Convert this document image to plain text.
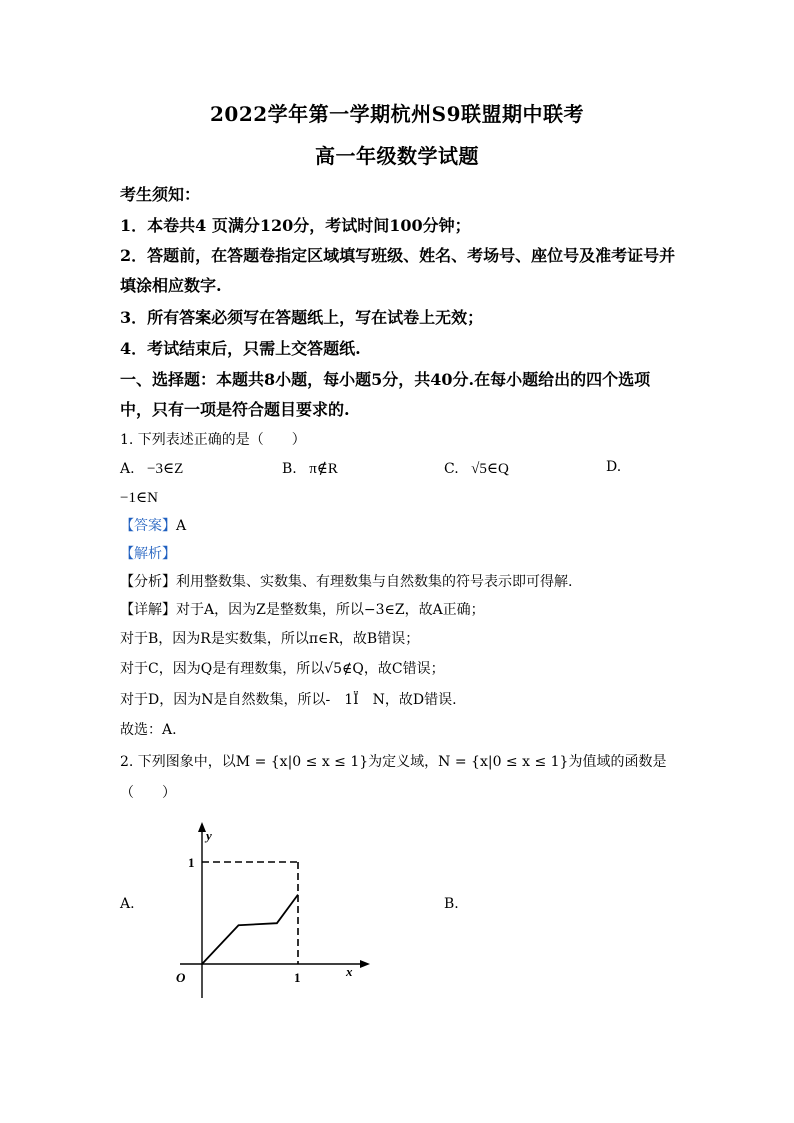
2022学年第一学期杭州S9联盟期中联考
高一年级数学试题
考生须知：
1．本卷共4 页满分120分，考试时间100分钟；
2．答题前，在答题卷指定区域填写班级、姓名、考场号、座位号及准考证号并
填涂相应数字.
3．所有答案必须写在答题纸上，写在试卷上无效；
4．考试结束后，只需上交答题纸.
一、选择题：本题共8小题，每小题5分，共40分.在每小题给出的四个选项
中，只有一项是符合题目要求的.
1. 下列表述正确的是（　　）
A. −3∈Z	B. π∉R	C. √5∈Q	D.
−1∈N
【答案】A
【解析】
【分析】利用整数集、实数集、有理数集与自然数集的符号表示即可得解.
【详解】对于A，因为Z是整数集，所以−3∈Z，故A正确；
对于B，因为R是实数集，所以π∈R，故B错误；
对于C，因为Q是有理数集，所以√5∉Q，故C错误；
对于D，因为N是自然数集，所以-　1Ï　N，故D错误.
故选：A.
2. 下列图象中，以M = {x|0 ≤ x ≤ 1}为定义域，N = {x|0 ≤ x ≤ 1}为值域的函数是
（　　）
A.	B.
y
x
O
1
1
